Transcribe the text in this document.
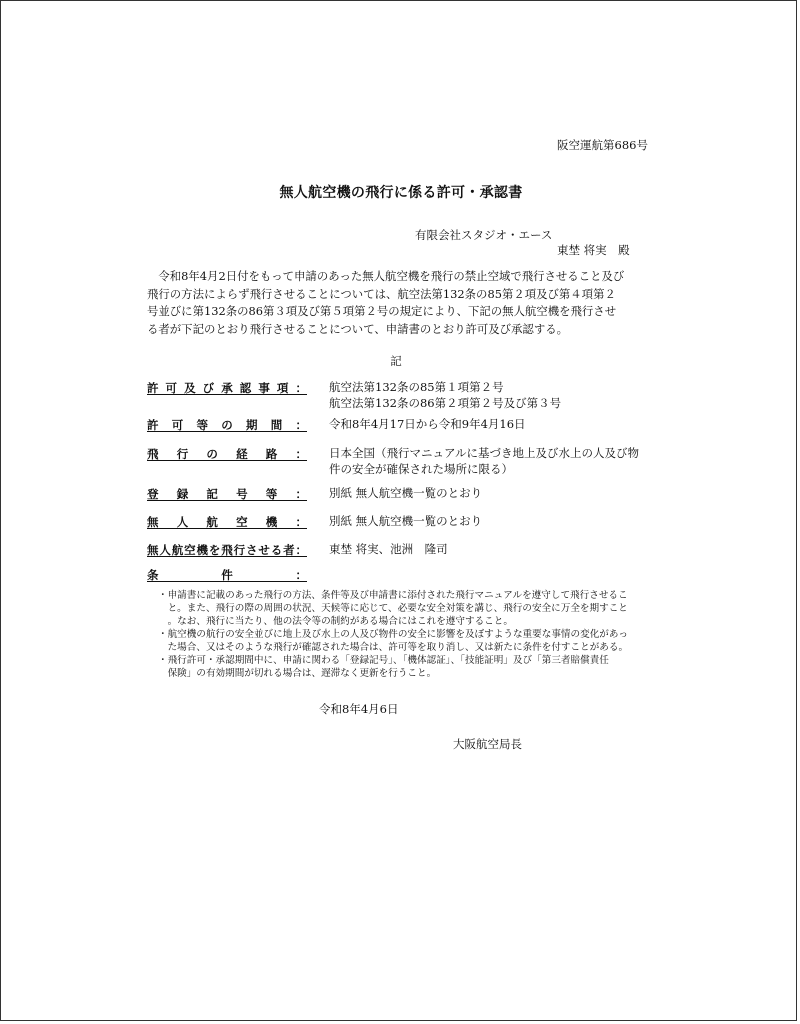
阪空運航第686号
無人航空機の飛行に係る許可・承認書
有限会社スタジオ・エース
東埜 将実　殿
　令和8年4月2日付をもって申請のあった無人航空機を飛行の禁止空域で飛行させること及び
飛行の方法によらず飛行させることについては、航空法第132条の85第２項及び第４項第２
号並びに第132条の86第３項及び第５項第２号の規定により、下記の無人航空機を飛行させ
る者が下記のとおり飛行させることについて、申請書のとおり許可及び承認する。
記
許可及び承認事項： 航空法第132条の85第１項第２号
航空法第132条の86第２項第２号及び第３号
許可等の期間： 令和8年4月17日から令和9年4月16日
飛行の経路： 日本全国（飛行マニュアルに基づき地上及び水上の人及び物
件の安全が確保された場所に限る）
登録記号等： 別紙 無人航空機一覧のとおり
無人航空機： 別紙 無人航空機一覧のとおり
無人航空機を飛行させる者： 東埜 将実、池洲　隆司
条件：
・申請書に記載のあった飛行の方法、条件等及び申請書に添付された飛行マニュアルを遵守して飛行させるこ
　と。また、飛行の際の周囲の状況、天候等に応じて、必要な安全対策を講じ、飛行の安全に万全を期すこと
　。なお、飛行に当たり、他の法令等の制約がある場合にはこれを遵守すること。
・航空機の航行の安全並びに地上及び水上の人及び物件の安全に影響を及ぼすような重要な事情の変化があっ
　た場合、又はそのような飛行が確認された場合は、許可等を取り消し、又は新たに条件を付すことがある。
・飛行許可・承認期間中に、申請に関わる「登録記号」、「機体認証」、「技能証明」及び「第三者賠償責任
　保険」の有効期間が切れる場合は、遅滞なく更新を行うこと。
令和8年4月6日
大阪航空局長
